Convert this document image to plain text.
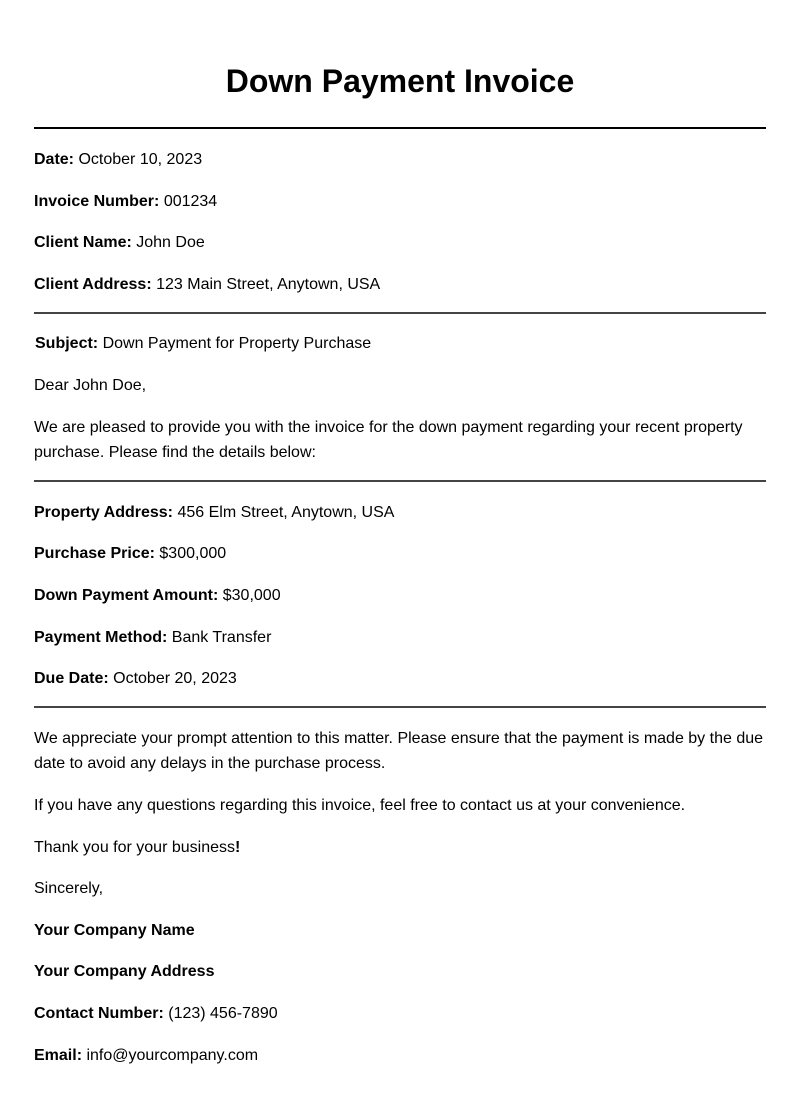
Down Payment Invoice

Date: October 10, 2023

Invoice Number: 001234

Client Name: John Doe

Client Address: 123 Main Street, Anytown, USA

Subject: Down Payment for Property Purchase

Dear John Doe,

We are pleased to provide you with the invoice for the down payment regarding your recent property purchase. Please find the details below:

Property Address: 456 Elm Street, Anytown, USA

Purchase Price: $300,000

Down Payment Amount: $30,000

Payment Method: Bank Transfer

Due Date: October 20, 2023

We appreciate your prompt attention to this matter. Please ensure that the payment is made by the due date to avoid any delays in the purchase process.

If you have any questions regarding this invoice, feel free to contact us at your convenience.

Thank you for your business!

Sincerely,

Your Company Name

Your Company Address

Contact Number: (123) 456-7890

Email: info@yourcompany.com
